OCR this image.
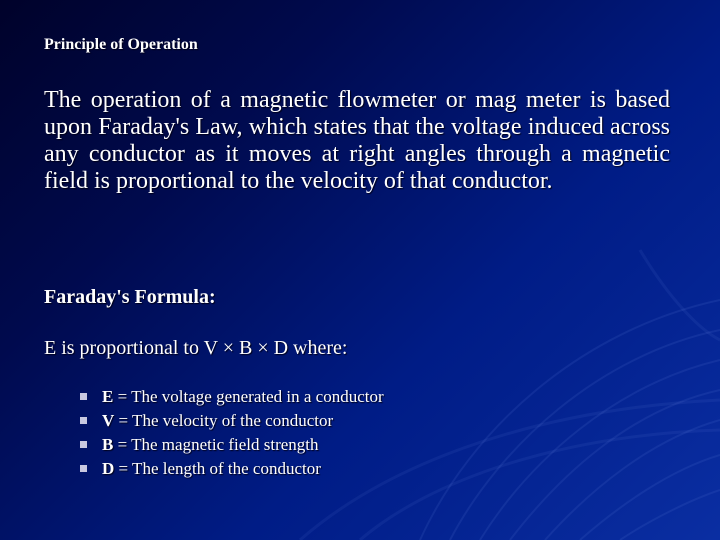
Principle of Operation

The operation of a magnetic flowmeter or mag meter is based upon Faraday's Law, which states that the voltage induced across any conductor as it moves at right angles through a magnetic field is proportional to the velocity of that conductor.

Faraday's Formula:

E is proportional to V × B × D where:

E = The voltage generated in a conductor
V = The velocity of the conductor
B = The magnetic field strength
D = The length of the conductor
